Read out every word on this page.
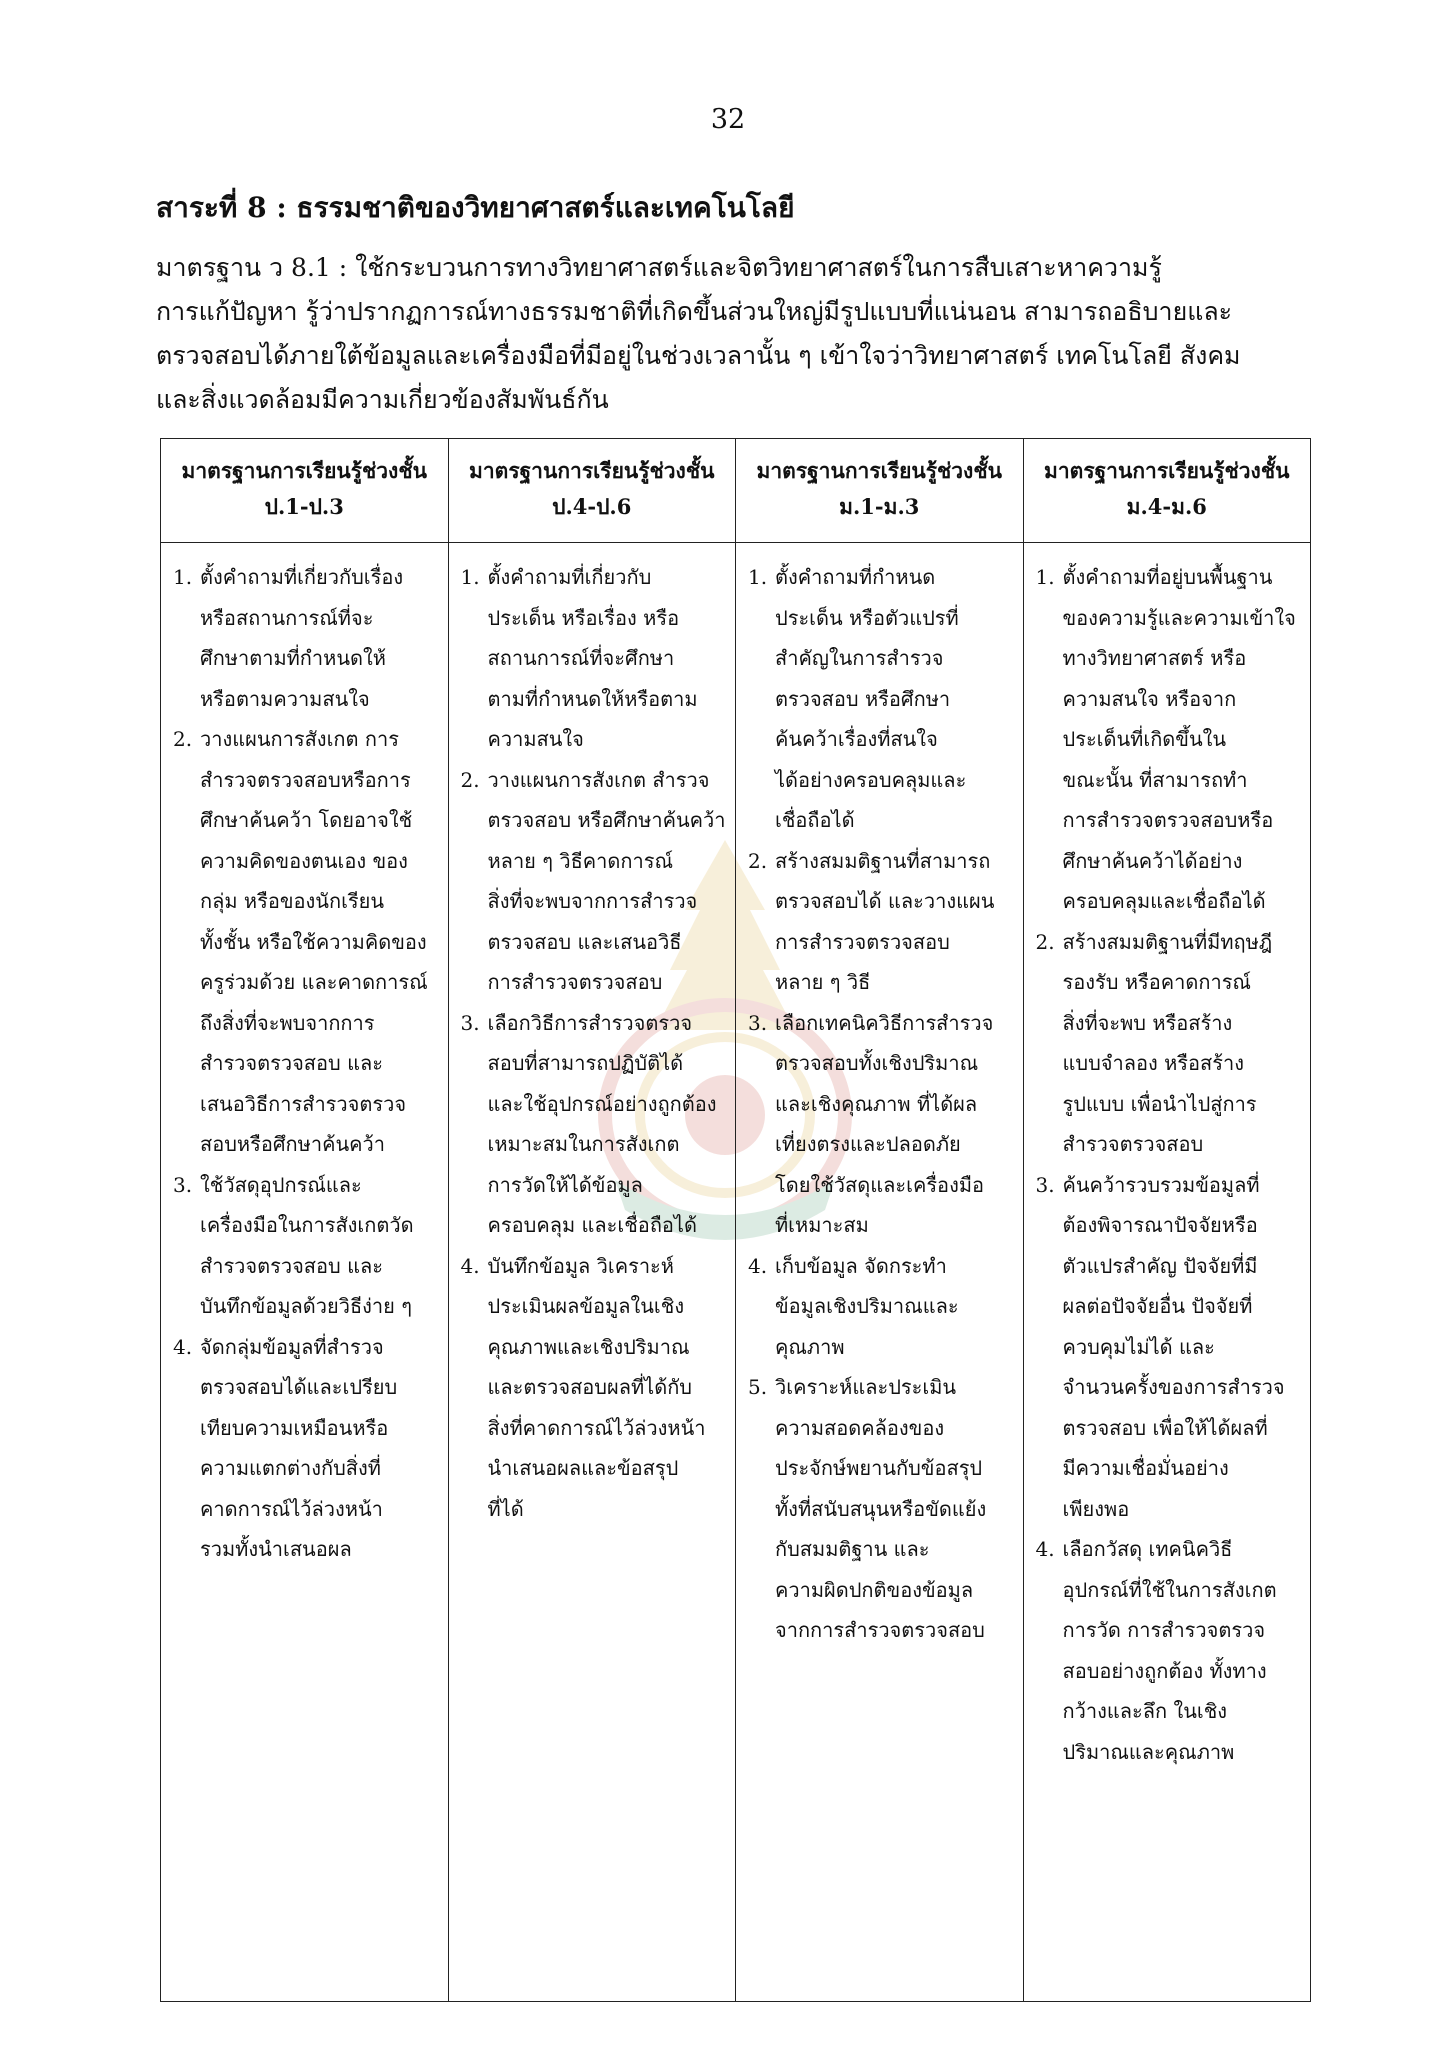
32
สาระที่ 8 : ธรรมชาติของวิทยาศาสตร์และเทคโนโลยี
มาตรฐาน ว 8.1 : ใช้กระบวนการทางวิทยาศาสตร์และจิตวิทยาศาสตร์ในการสืบเสาะหาความรู้
การแก้ปัญหา รู้ว่าปรากฏการณ์ทางธรรมชาติที่เกิดขึ้นส่วนใหญ่มีรูปแบบที่แน่นอน สามารถอธิบายและ
ตรวจสอบได้ภายใต้ข้อมูลและเครื่องมือที่มีอยู่ในช่วงเวลานั้น ๆ เข้าใจว่าวิทยาศาสตร์ เทคโนโลยี สังคม
และสิ่งแวดล้อมมีความเกี่ยวข้องสัมพันธ์กัน
มาตรฐานการเรียนรู้ช่วงชั้น
ป.1-ป.3
1. ตั้งคำถามที่เกี่ยวกับเรื่อง
หรือสถานการณ์ที่จะ
ศึกษาตามที่กำหนดให้
หรือตามความสนใจ
2. วางแผนการสังเกต การ
สำรวจตรวจสอบหรือการ
ศึกษาค้นคว้า โดยอาจใช้
ความคิดของตนเอง ของ
กลุ่ม หรือของนักเรียน
ทั้งชั้น หรือใช้ความคิดของ
ครูร่วมด้วย และคาดการณ์
ถึงสิ่งที่จะพบจากการ
สำรวจตรวจสอบ และ
เสนอวิธีการสำรวจตรวจ
สอบหรือศึกษาค้นคว้า
3. ใช้วัสดุอุปกรณ์และ
เครื่องมือในการสังเกตวัด
สำรวจตรวจสอบ และ
บันทึกข้อมูลด้วยวิธีง่าย ๆ
4. จัดกลุ่มข้อมูลที่สำรวจ
ตรวจสอบได้และเปรียบ
เทียบความเหมือนหรือ
ความแตกต่างกับสิ่งที่
คาดการณ์ไว้ล่วงหน้า
รวมทั้งนำเสนอผล
มาตรฐานการเรียนรู้ช่วงชั้น
ป.4-ป.6
1. ตั้งคำถามที่เกี่ยวกับ
ประเด็น หรือเรื่อง หรือ
สถานการณ์ที่จะศึกษา
ตามที่กำหนดให้หรือตาม
ความสนใจ
2. วางแผนการสังเกต สำรวจ
ตรวจสอบ หรือศึกษาค้นคว้า
หลาย ๆ วิธีคาดการณ์
สิ่งที่จะพบจากการสำรวจ
ตรวจสอบ และเสนอวิธี
การสำรวจตรวจสอบ
3. เลือกวิธีการสำรวจตรวจ
สอบที่สามารถปฏิบัติได้
และใช้อุปกรณ์อย่างถูกต้อง
เหมาะสมในการสังเกต
การวัดให้ได้ข้อมูล
ครอบคลุม และเชื่อถือได้
4. บันทึกข้อมูล วิเคราะห์
ประเมินผลข้อมูลในเชิง
คุณภาพและเชิงปริมาณ
และตรวจสอบผลที่ได้กับ
สิ่งที่คาดการณ์ไว้ล่วงหน้า
นำเสนอผลและข้อสรุป
ที่ได้
มาตรฐานการเรียนรู้ช่วงชั้น
ม.1-ม.3
1. ตั้งคำถามที่กำหนด
ประเด็น หรือตัวแปรที่
สำคัญในการสำรวจ
ตรวจสอบ หรือศึกษา
ค้นคว้าเรื่องที่สนใจ
ได้อย่างครอบคลุมและ
เชื่อถือได้
2. สร้างสมมติฐานที่สามารถ
ตรวจสอบได้ และวางแผน
การสำรวจตรวจสอบ
หลาย ๆ วิธี
3. เลือกเทคนิควิธีการสำรวจ
ตรวจสอบทั้งเชิงปริมาณ
และเชิงคุณภาพ ที่ได้ผล
เที่ยงตรงและปลอดภัย
โดยใช้วัสดุและเครื่องมือ
ที่เหมาะสม
4. เก็บข้อมูล จัดกระทำ
ข้อมูลเชิงปริมาณและ
คุณภาพ
5. วิเคราะห์และประเมิน
ความสอดคล้องของ
ประจักษ์พยานกับข้อสรุป
ทั้งที่สนับสนุนหรือขัดแย้ง
กับสมมติฐาน และ
ความผิดปกติของข้อมูล
จากการสำรวจตรวจสอบ
มาตรฐานการเรียนรู้ช่วงชั้น
ม.4-ม.6
1. ตั้งคำถามที่อยู่บนพื้นฐาน
ของความรู้และความเข้าใจ
ทางวิทยาศาสตร์ หรือ
ความสนใจ หรือจาก
ประเด็นที่เกิดขึ้นใน
ขณะนั้น ที่สามารถทำ
การสำรวจตรวจสอบหรือ
ศึกษาค้นคว้าได้อย่าง
ครอบคลุมและเชื่อถือได้
2. สร้างสมมติฐานที่มีทฤษฎี
รองรับ หรือคาดการณ์
สิ่งที่จะพบ หรือสร้าง
แบบจำลอง หรือสร้าง
รูปแบบ เพื่อนำไปสู่การ
สำรวจตรวจสอบ
3. ค้นคว้ารวบรวมข้อมูลที่
ต้องพิจารณาปัจจัยหรือ
ตัวแปรสำคัญ ปัจจัยที่มี
ผลต่อปัจจัยอื่น ปัจจัยที่
ควบคุมไม่ได้ และ
จำนวนครั้งของการสำรวจ
ตรวจสอบ เพื่อให้ได้ผลที่
มีความเชื่อมั่นอย่าง
เพียงพอ
4. เลือกวัสดุ เทคนิควิธี
อุปกรณ์ที่ใช้ในการสังเกต
การวัด การสำรวจตรวจ
สอบอย่างถูกต้อง ทั้งทาง
กว้างและลึก ในเชิง
ปริมาณและคุณภาพ
